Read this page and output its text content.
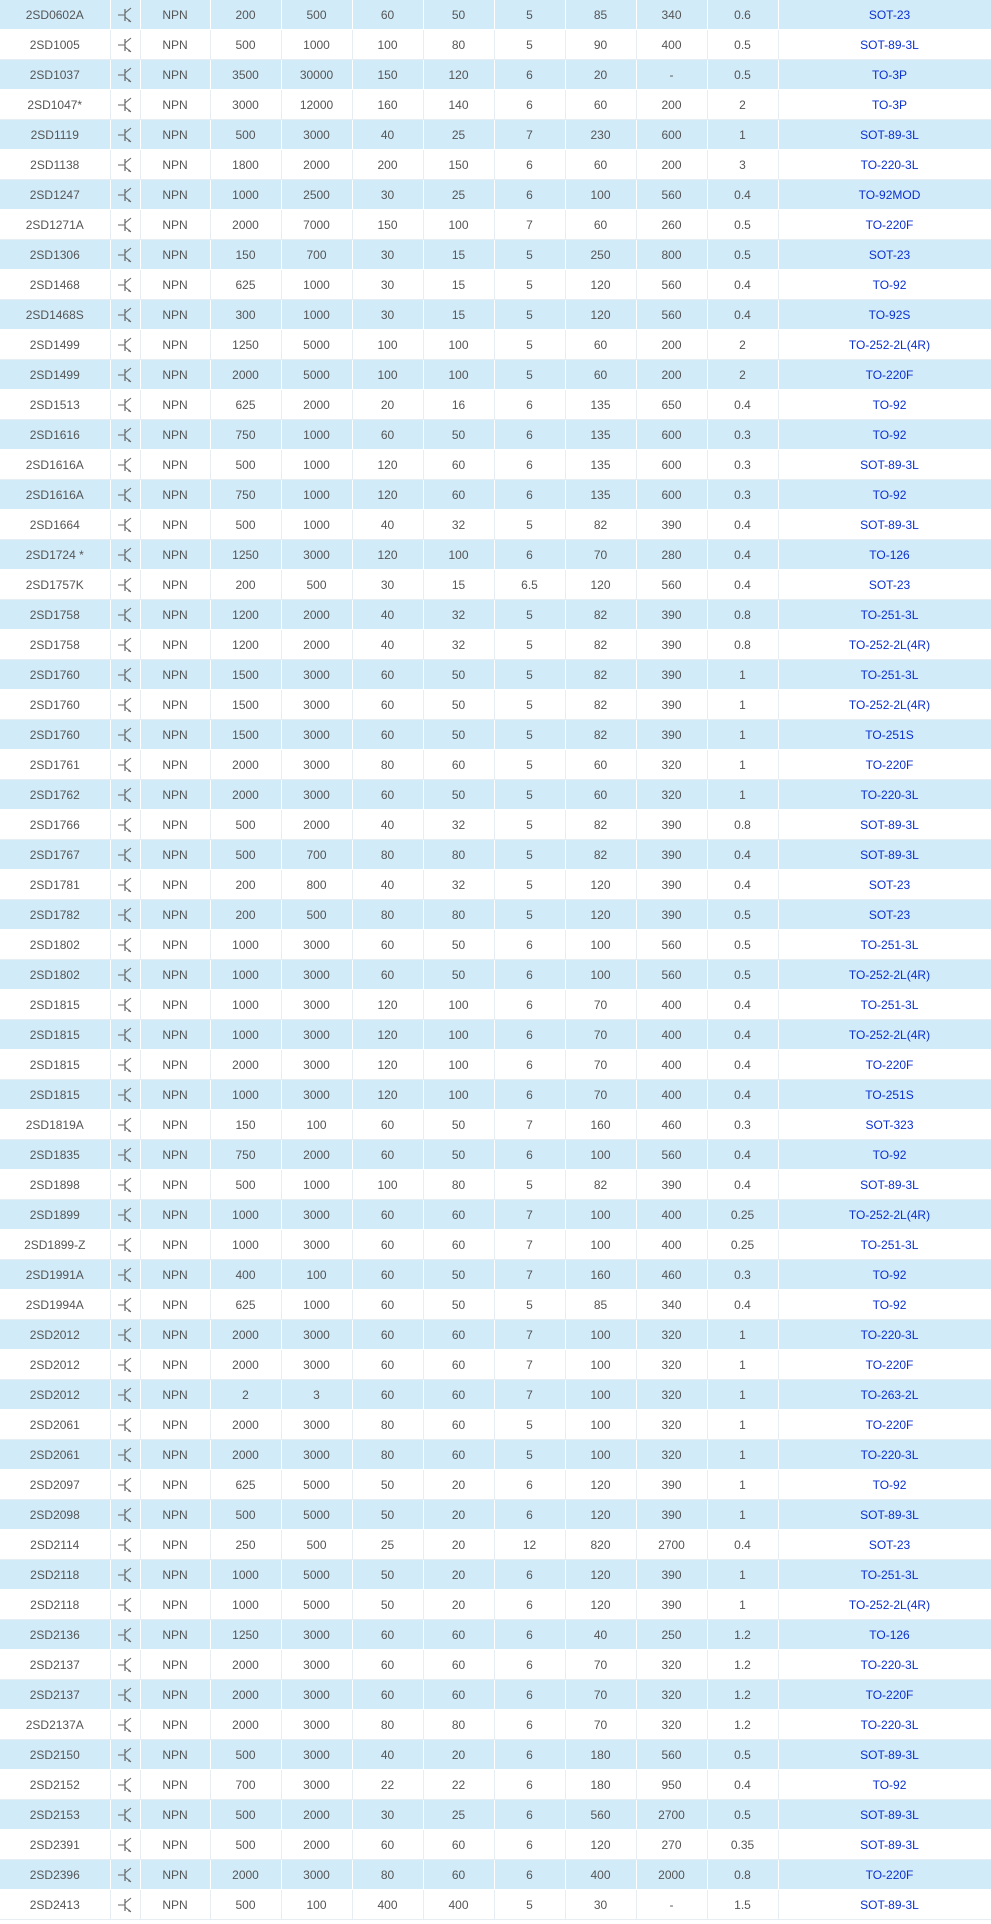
2SD0602A		NPN	200	500	60	50	5	85	340	0.6	SOT-23
2SD1005		NPN	500	1000	100	80	5	90	400	0.5	SOT-89-3L
2SD1037		NPN	3500	30000	150	120	6	20	-	0.5	TO-3P
2SD1047*		NPN	3000	12000	160	140	6	60	200	2	TO-3P
2SD1119		NPN	500	3000	40	25	7	230	600	1	SOT-89-3L
2SD1138		NPN	1800	2000	200	150	6	60	200	3	TO-220-3L
2SD1247		NPN	1000	2500	30	25	6	100	560	0.4	TO-92MOD
2SD1271A		NPN	2000	7000	150	100	7	60	260	0.5	TO-220F
2SD1306		NPN	150	700	30	15	5	250	800	0.5	SOT-23
2SD1468		NPN	625	1000	30	15	5	120	560	0.4	TO-92
2SD1468S		NPN	300	1000	30	15	5	120	560	0.4	TO-92S
2SD1499		NPN	1250	5000	100	100	5	60	200	2	TO-252-2L(4R)
2SD1499		NPN	2000	5000	100	100	5	60	200	2	TO-220F
2SD1513		NPN	625	2000	20	16	6	135	650	0.4	TO-92
2SD1616		NPN	750	1000	60	50	6	135	600	0.3	TO-92
2SD1616A		NPN	500	1000	120	60	6	135	600	0.3	SOT-89-3L
2SD1616A		NPN	750	1000	120	60	6	135	600	0.3	TO-92
2SD1664		NPN	500	1000	40	32	5	82	390	0.4	SOT-89-3L
2SD1724 *		NPN	1250	3000	120	100	6	70	280	0.4	TO-126
2SD1757K		NPN	200	500	30	15	6.5	120	560	0.4	SOT-23
2SD1758		NPN	1200	2000	40	32	5	82	390	0.8	TO-251-3L
2SD1758		NPN	1200	2000	40	32	5	82	390	0.8	TO-252-2L(4R)
2SD1760		NPN	1500	3000	60	50	5	82	390	1	TO-251-3L
2SD1760		NPN	1500	3000	60	50	5	82	390	1	TO-252-2L(4R)
2SD1760		NPN	1500	3000	60	50	5	82	390	1	TO-251S
2SD1761		NPN	2000	3000	80	60	5	60	320	1	TO-220F
2SD1762		NPN	2000	3000	60	50	5	60	320	1	TO-220-3L
2SD1766		NPN	500	2000	40	32	5	82	390	0.8	SOT-89-3L
2SD1767		NPN	500	700	80	80	5	82	390	0.4	SOT-89-3L
2SD1781		NPN	200	800	40	32	5	120	390	0.4	SOT-23
2SD1782		NPN	200	500	80	80	5	120	390	0.5	SOT-23
2SD1802		NPN	1000	3000	60	50	6	100	560	0.5	TO-251-3L
2SD1802		NPN	1000	3000	60	50	6	100	560	0.5	TO-252-2L(4R)
2SD1815		NPN	1000	3000	120	100	6	70	400	0.4	TO-251-3L
2SD1815		NPN	1000	3000	120	100	6	70	400	0.4	TO-252-2L(4R)
2SD1815		NPN	2000	3000	120	100	6	70	400	0.4	TO-220F
2SD1815		NPN	1000	3000	120	100	6	70	400	0.4	TO-251S
2SD1819A		NPN	150	100	60	50	7	160	460	0.3	SOT-323
2SD1835		NPN	750	2000	60	50	6	100	560	0.4	TO-92
2SD1898		NPN	500	1000	100	80	5	82	390	0.4	SOT-89-3L
2SD1899		NPN	1000	3000	60	60	7	100	400	0.25	TO-252-2L(4R)
2SD1899-Z		NPN	1000	3000	60	60	7	100	400	0.25	TO-251-3L
2SD1991A		NPN	400	100	60	50	7	160	460	0.3	TO-92
2SD1994A		NPN	625	1000	60	50	5	85	340	0.4	TO-92
2SD2012		NPN	2000	3000	60	60	7	100	320	1	TO-220-3L
2SD2012		NPN	2000	3000	60	60	7	100	320	1	TO-220F
2SD2012		NPN	2	3	60	60	7	100	320	1	TO-263-2L
2SD2061		NPN	2000	3000	80	60	5	100	320	1	TO-220F
2SD2061		NPN	2000	3000	80	60	5	100	320	1	TO-220-3L
2SD2097		NPN	625	5000	50	20	6	120	390	1	TO-92
2SD2098		NPN	500	5000	50	20	6	120	390	1	SOT-89-3L
2SD2114		NPN	250	500	25	20	12	820	2700	0.4	SOT-23
2SD2118		NPN	1000	5000	50	20	6	120	390	1	TO-251-3L
2SD2118		NPN	1000	5000	50	20	6	120	390	1	TO-252-2L(4R)
2SD2136		NPN	1250	3000	60	60	6	40	250	1.2	TO-126
2SD2137		NPN	2000	3000	60	60	6	70	320	1.2	TO-220-3L
2SD2137		NPN	2000	3000	60	60	6	70	320	1.2	TO-220F
2SD2137A		NPN	2000	3000	80	80	6	70	320	1.2	TO-220-3L
2SD2150		NPN	500	3000	40	20	6	180	560	0.5	SOT-89-3L
2SD2152		NPN	700	3000	22	22	6	180	950	0.4	TO-92
2SD2153		NPN	500	2000	30	25	6	560	2700	0.5	SOT-89-3L
2SD2391		NPN	500	2000	60	60	6	120	270	0.35	SOT-89-3L
2SD2396		NPN	2000	3000	80	60	6	400	2000	0.8	TO-220F
2SD2413		NPN	500	100	400	400	5	30	-	1.5	SOT-89-3L
